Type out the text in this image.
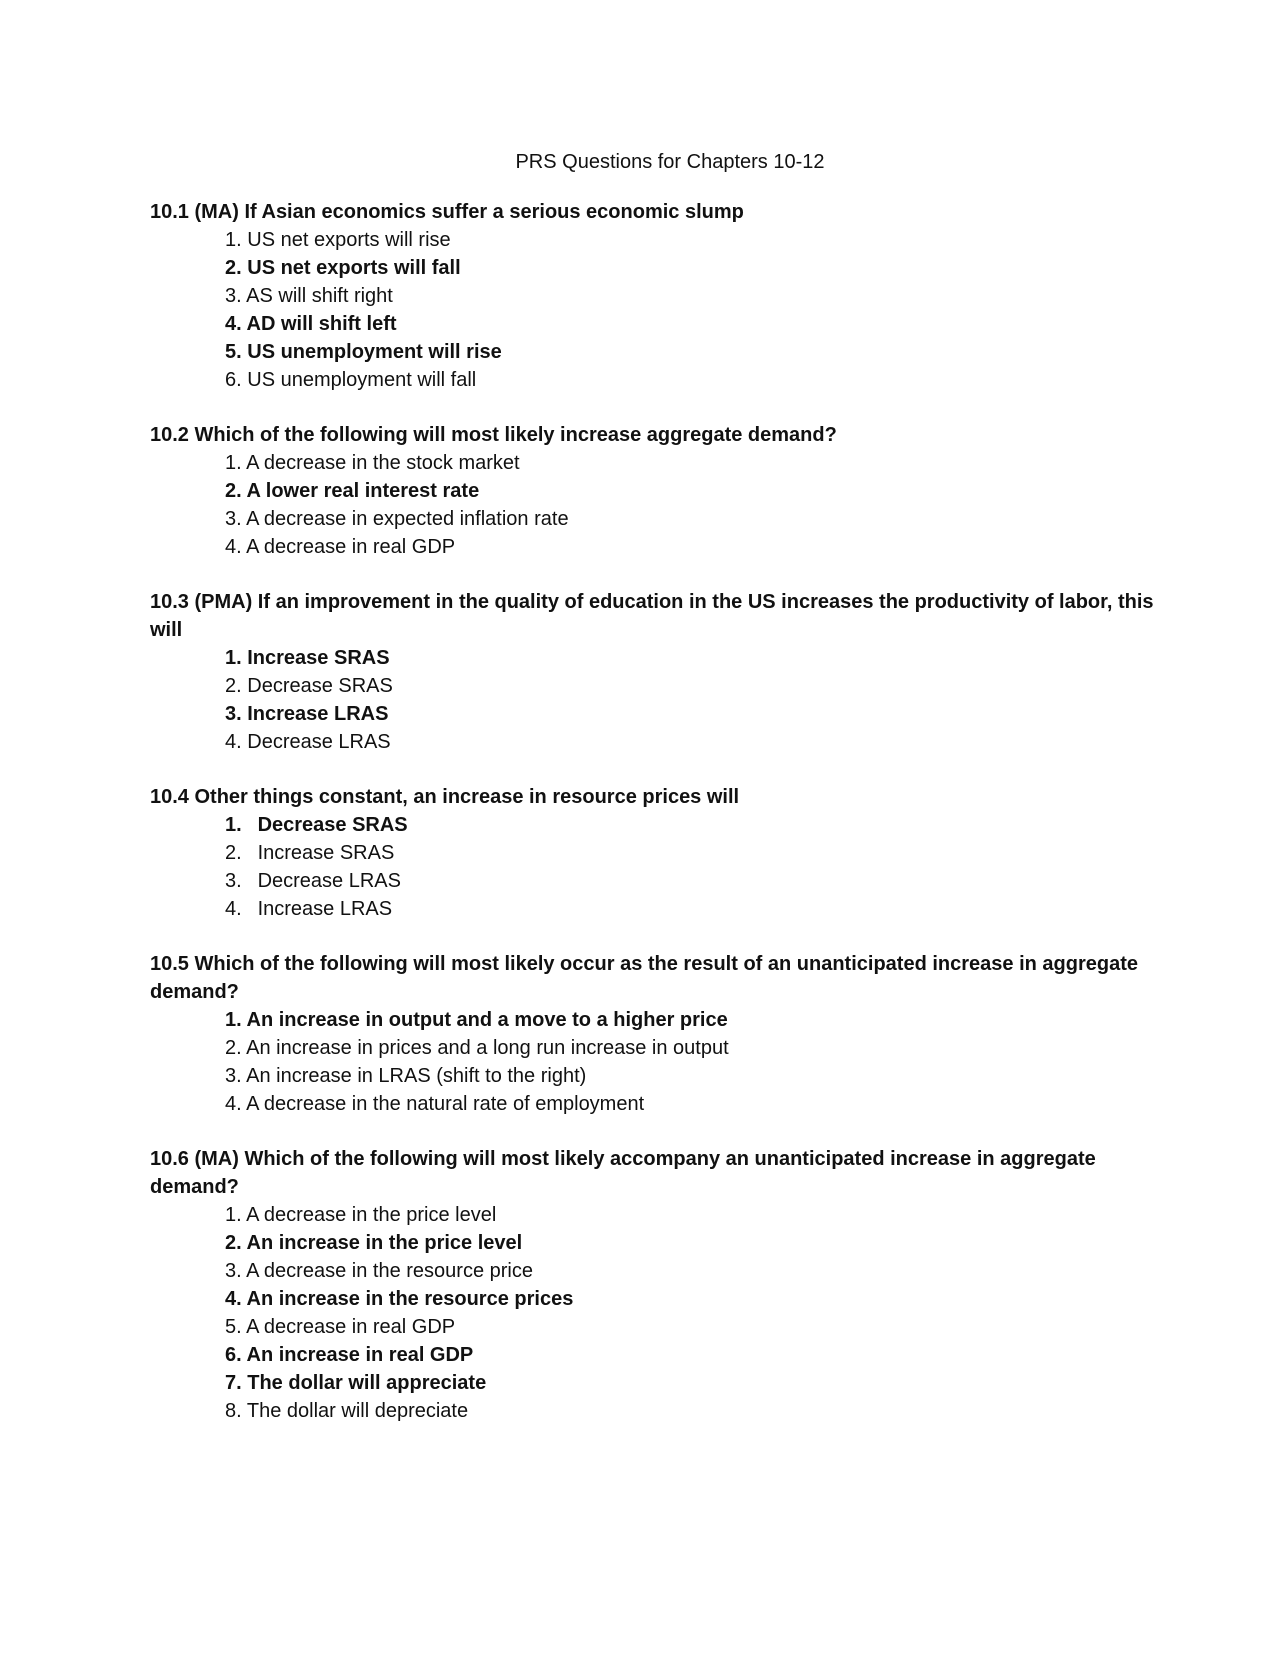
PRS Questions for Chapters 10-12

10.1 (MA) If Asian economics suffer a serious economic slump

1. US net exports will rise
2. US net exports will fall
3. AS will shift right
4. AD will shift left
5. US unemployment will rise
6. US unemployment will fall

10.2 Which of the following will most likely increase aggregate demand?

1. A decrease in the stock market
2. A lower real interest rate
3. A decrease in expected inflation rate
4. A decrease in real GDP

10.3 (PMA) If an improvement in the quality of education in the US increases the productivity of labor, this will

1. Increase SRAS
2. Decrease SRAS
3. Increase LRAS
4. Decrease LRAS

10.4 Other things constant, an increase in resource prices will

1. Decrease SRAS
2. Increase SRAS
3. Decrease LRAS
4. Increase LRAS

10.5 Which of the following will most likely occur as the result of an unanticipated increase in aggregate demand?

1. An increase in output and a move to a higher price
2. An increase in prices and a long run increase in output
3. An increase in LRAS (shift to the right)
4. A decrease in the natural rate of employment

10.6 (MA) Which of the following will most likely accompany an unanticipated increase in aggregate demand?

1. A decrease in the price level
2. An increase in the price level
3. A decrease in the resource price
4. An increase in the resource prices
5. A decrease in real GDP
6. An increase in real GDP
7. The dollar will appreciate
8. The dollar will depreciate
